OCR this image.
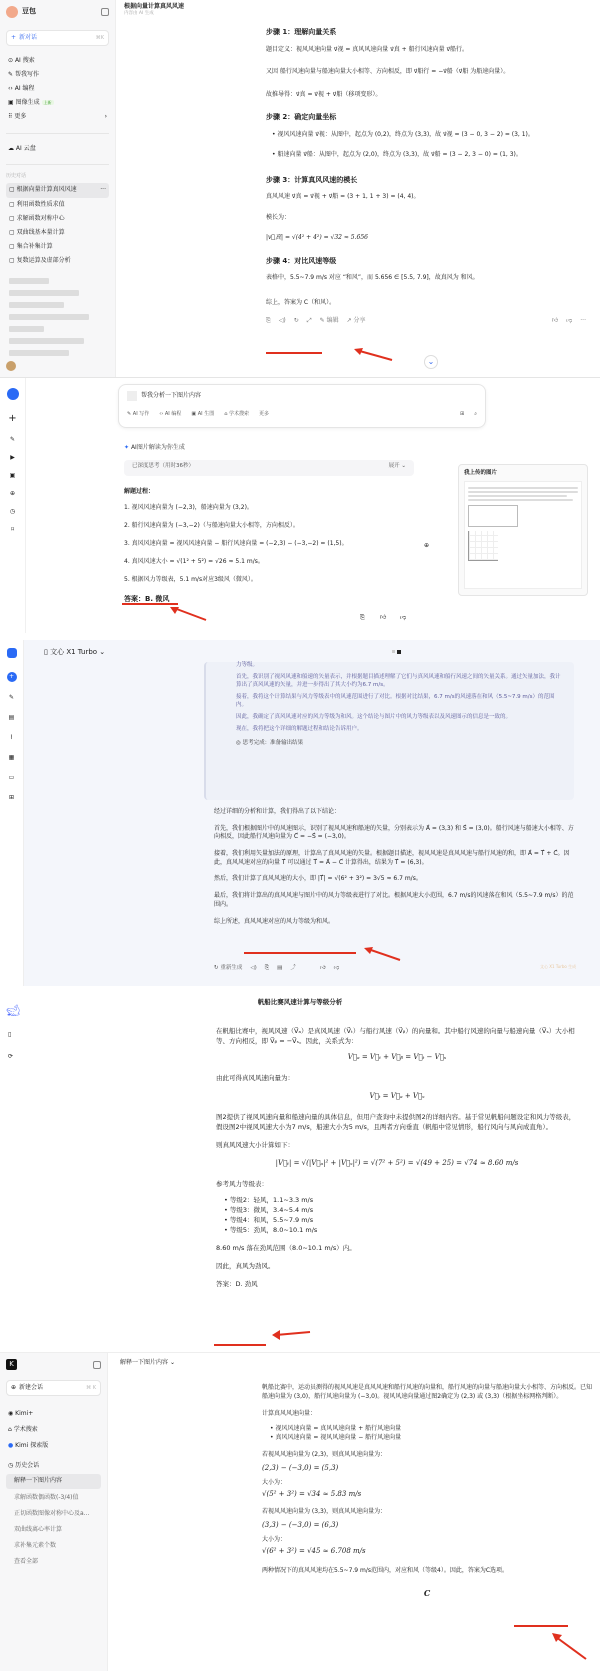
豆包
+ 新对话	⌘K
⊙ AI 搜索
✎ 帮我写作
‹› AI 编程
▣ 图像生成 上新
⠿ 更多	›
☁ AI 云盘
历史对话
▢ 根据向量计算真风风速	···
▢ 利用函数性质求值
▢ 求解函数对称中心
▢ 双曲线基本量计算
▢ 集合补集计算
▢ 复数运算及虚部分析
根据向量计算真风风速
内容由 AI 生成
步骤 1：理解向量关系
题目定义：视风风速向量 v⃗视 = 真风风速向量 v⃗真 + 船行风速向量 v⃗船行。
又因 船行风速向量与船速向量大小相等、方向相反，即 v⃗船行 = −v⃗船（v⃗船 为船速向量）。
故推导得：v⃗真 = v⃗视 + v⃗船（移项变形）。
步骤 2：确定向量坐标
• 视风风速向量 v⃗视：从图中，起点为 (0,2)，终点为 (3,3)，故 v⃗视 = (3 − 0, 3 − 2) = (3, 1)。
• 船速向量 v⃗船：从图中，起点为 (2,0)，终点为 (3,3)，故 v⃗船 = (3 − 2, 3 − 0) = (1, 3)。
步骤 3：计算真风风速的模长
真风风速 v⃗真 = v⃗视 + v⃗船 = (3 + 1, 1 + 3) = (4, 4)。
模长为：
|v⃗真| = √(4² + 4²) = √32 ≈ 5.656
步骤 4：对比风速等级
表格中，5.5~7.9 m/s 对应 “和风”，而 5.656 ∈ [5.5, 7.9]，故真风为 和风。
综上，答案为 C（和风）。
⎘ ◁) ↻ ⤢ ✎ 编辑 ↗ 分享	👍︎ 👎︎ ···
⌄
+
✎
▶
▣
⊕
◷
⌑
帮我分析一下图片内容
✎ AI 写作 ‹› AI 编程 ▣ AI 生图 ⌂ 学术搜索 更多	⊞ ⌕
✦ AI图片解读为你生成
已深度思考（用时36秒）	展开 ⌄
我上传的图片
解题过程：
1. 视风风速向量为 (−2,3)，船速向量为 (3,2)。
2. 船行风速向量为 (−3,−2)（与船速向量大小相等，方向相反）。
3. 真风风速向量 = 视风风速向量 − 船行风速向量 = (−2,3) − (−3,−2) = (1,5)。
4. 真风风速大小 = √(1² + 5²) = √26 ≈ 5.1 m/s。
5. 根据风力等级表，5.1 m/s对应3级风（微风）。
答案：B. 微风
⎘	👍︎ 👎︎
⊕
+
✎
▤
⌇
▦
▭
⊞
▯ 文心 X1 Turbo ⌄
力等级。
首先，我识别了视风风速和船速的矢量表示，并根据题目描述理解了它们与真风风速和船行风速之间的矢量关系。通过矢量加法，我计算出了真风风速的矢量，并进一步得出了其大小约为6.7 m/s。
接着，我将这个计算结果与风力等级表中的风速范围进行了对比。根据对比结果，6.7 m/s的风速落在和风（5.5~7.9 m/s）的范围内。
因此，我确定了真风风速对应的风力等级为和风。这个结论与图片中的风力等级表以及风速图示的信息是一致的。
现在，我将把这个详细的解题过程和结论告诉用户。
◎ 思考完成：准备输出结果
经过详细的分析和计算，我们得出了以下结论：
首先，我们根据图片中的风速图示，识别了视风风速和船速的矢量，分别表示为 A⃗ = (3,3) 和 S⃗ = (3,0)。船行风速与船速大小相等、方向相反，因此船行风速向量为 C⃗ = −S⃗ = (−3,0)。
接着，我们利用矢量加法的原理，计算出了真风风速的矢量。根据题目描述，视风风速是真风风速与船行风速的和，即 A⃗ = T⃗ + C⃗。因此，真风风速对应的向量 T⃗ 可以通过 T⃗ = A⃗ − C⃗ 计算得出，结果为 T⃗ = (6,3)。
然后，我们计算了真风风速的大小，即 |T⃗| = √(6² + 3²) = 3√5 ≈ 6.7 m/s。
最后，我们将计算出的真风风速与图片中的风力等级表进行了对比。根据风速大小范围，6.7 m/s的风速落在和风（5.5~7.9 m/s）的范围内。
综上所述，真风风速对应的风力等级为和风。
↻ 重新生成 ◁) ⎘ ▤ ⤴	👍︎ 👎︎	文心 X1 Turbo 生成
🐋︎
▯
⟳
帆船比赛风速计算与等级分析
在帆船比赛中，视风风速（V⃗ₐ）是真风风速（V⃗ₜ）与船行风速（V⃗ᵦ）的向量和。其中船行风速的向量与船速向量（V⃗ₛ）大小相等、方向相反，即 V⃗ᵦ = −V⃗ₛ。因此，关系式为：
V⃗ₐ = V⃗ₜ + V⃗ᵦ = V⃗ₜ − V⃗ₛ
由此可得真风风速向量为：
V⃗ₜ = V⃗ₐ + V⃗ₛ
图2提供了视风风速向量和船速向量的具体信息，但用户查询中未提供图2的详细内容。基于常见帆船问题设定和风力等级表，假设图2中视风风速大小为7 m/s，船速大小为5 m/s，且两者方向垂直（帆船中常见情形，船行风向与风向成直角）。
则真风风速大小计算如下：
|V⃗ₜ| = √(|V⃗ₐ|² + |V⃗ₛ|²) = √(7² + 5²) = √(49 + 25) = √74 ≈ 8.60 m/s
参考风力等级表：
• 等级2：轻风，1.1~3.3 m/s
• 等级3：微风，3.4~5.4 m/s
• 等级4：和风，5.5~7.9 m/s
• 等级5：劲风，8.0~10.1 m/s
8.60 m/s 落在劲风范围（8.0~10.1 m/s）内。
因此，真风为劲风。
答案：D. 劲风
K
⊕ 新建会话	⌘ K
◉ Kimi+
⌂ 学术搜索
● Kimi 探索版
◷ 历史会话
解释一下图片内容
求解函数偶函数(-3/4)值
正切函数图像对称中心及a...
双曲线离心率计算
求补集元素个数
查看全部
解释一下图片内容 ⌄
帆船比赛中，运动员测得的视风风速是真风风速和船行风速的向量和，船行风速的向量与船速向量大小相等、方向相反。已知船速向量为 (3,0)，船行风速向量为 (−3,0)。视风风速向量通过图2确定为 (2,3) 或 (3,3)（根据坐标网格判断）。
计算真风风速向量：
• 视风风速向量 = 真风风速向量 + 船行风速向量
• 真风风速向量 = 视风风速向量 − 船行风速向量
若视风风速向量为 (2,3)，则真风风速向量为：
(2,3) − (−3,0) = (5,3)
大小为：
√(5² + 3²) = √34 ≈ 5.83 m/s
若视风风速向量为 (3,3)，则真风风速向量为：
(3,3) − (−3,0) = (6,3)
大小为：
√(6² + 3²) = √45 ≈ 6.708 m/s
两种情况下的真风风速均在5.5~7.9 m/s范围内，对应和风（等级4）。因此，答案为C选项。
C
